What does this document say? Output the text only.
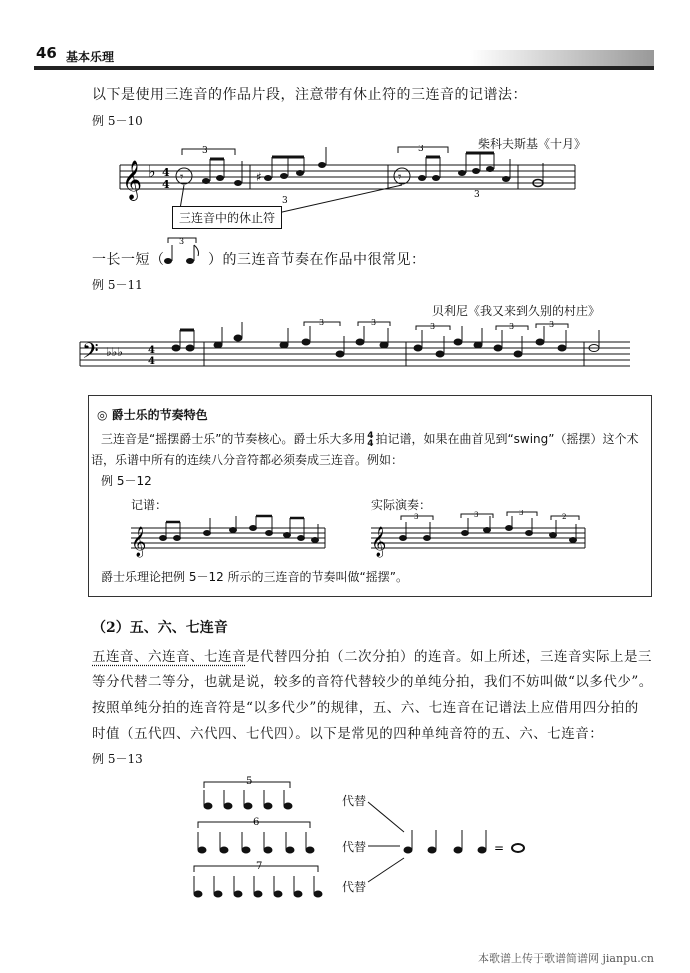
46 基本乐理
以下是使用三连音的作品片段，注意带有休止符的三连音的记谱法：
例 5－10
柴科夫斯基《十月》
𝄞 ♭ 4
4 𝄾
3
♯
3
𝄾
3
3
三连音中的休止符
一长一短（
3
）的三连音节奏在作品中很常见：
例 5－11
贝利尼《我又来到久别的村庄》
𝄢 ♭♭♭	4
4
3	3	3	3	3
◎ 爵士乐的节奏特色
三连音是“摇摆爵士乐”的节奏核心。爵士乐大多用 4
4 拍记谱，如果在曲首见到“swing”（摇摆）这个术
语，乐谱中所有的连续八分音符都必须奏成三连音。例如：
例 5－12
记谱：	实际演奏：
𝄞	𝄞
3	3	3	2
爵士乐理论把例 5－12 所示的三连音的节奏叫做“摇摆”。
（2）五、六、七连音
五连音、六连音、七连音是代替四分拍（二次分拍）的连音。如上所述，三连音实际上是三
等分代替二等分，也就是说，较多的音符代替较少的单纯分拍，我们不妨叫做“以多代少”。
按照单纯分拍的连音符是“以多代少”的规律，五、六、七连音在记谱法上应借用四分拍的
时值（五代四、六代四、七代四）。以下是常见的四种单纯音符的五、六、七连音：
例 5－13
5
6
7
=
代替
代替
代替
本歌谱上传于歌谱简谱网 jianpu.cn
